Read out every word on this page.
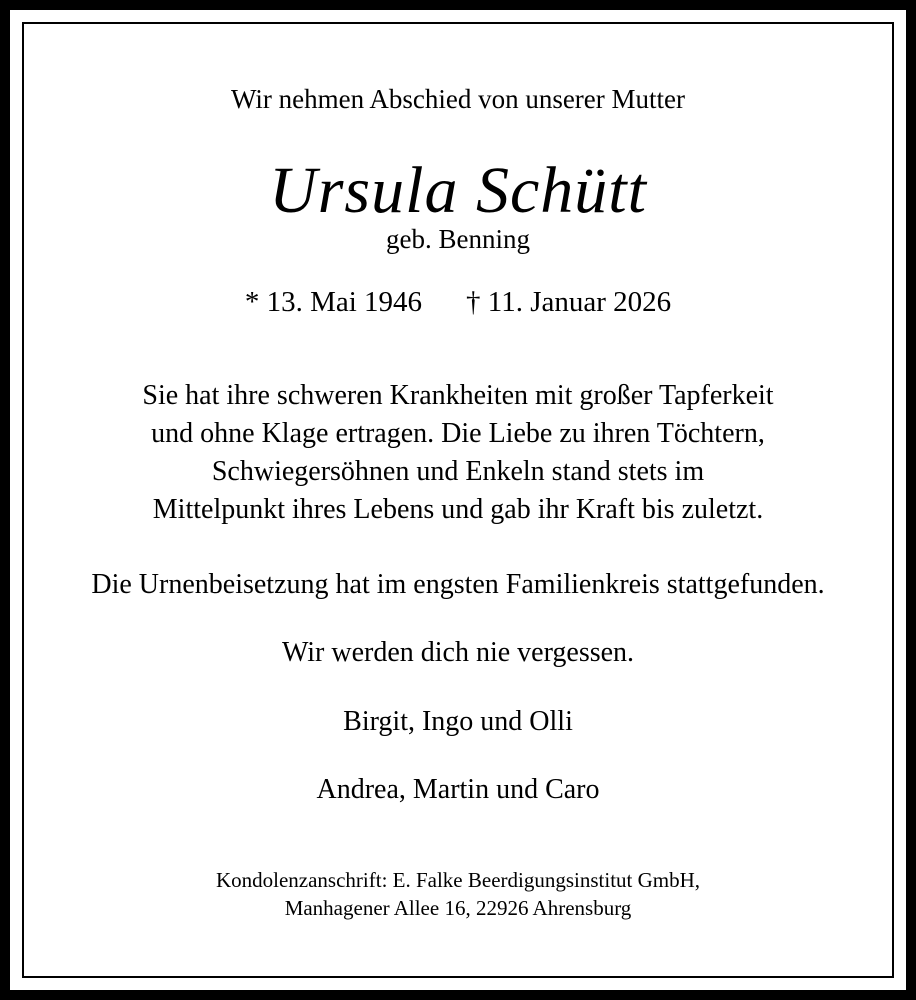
Wir nehmen Abschied von unserer Mutter
Ursula Schütt
geb. Benning
* 13. Mai 1946 † 11. Januar 2026
Sie hat ihre schweren Krankheiten mit großer Tapferkeit
und ohne Klage ertragen. Die Liebe zu ihren Töchtern,
Schwiegersöhnen und Enkeln stand stets im
Mittelpunkt ihres Lebens und gab ihr Kraft bis zuletzt.
Die Urnenbeisetzung hat im engsten Familienkreis stattgefunden.
Wir werden dich nie vergessen.
Birgit, Ingo und Olli
Andrea, Martin und Caro
Kondolenzanschrift: E. Falke Beerdigungsinstitut GmbH,
Manhagener Allee 16, 22926 Ahrensburg
